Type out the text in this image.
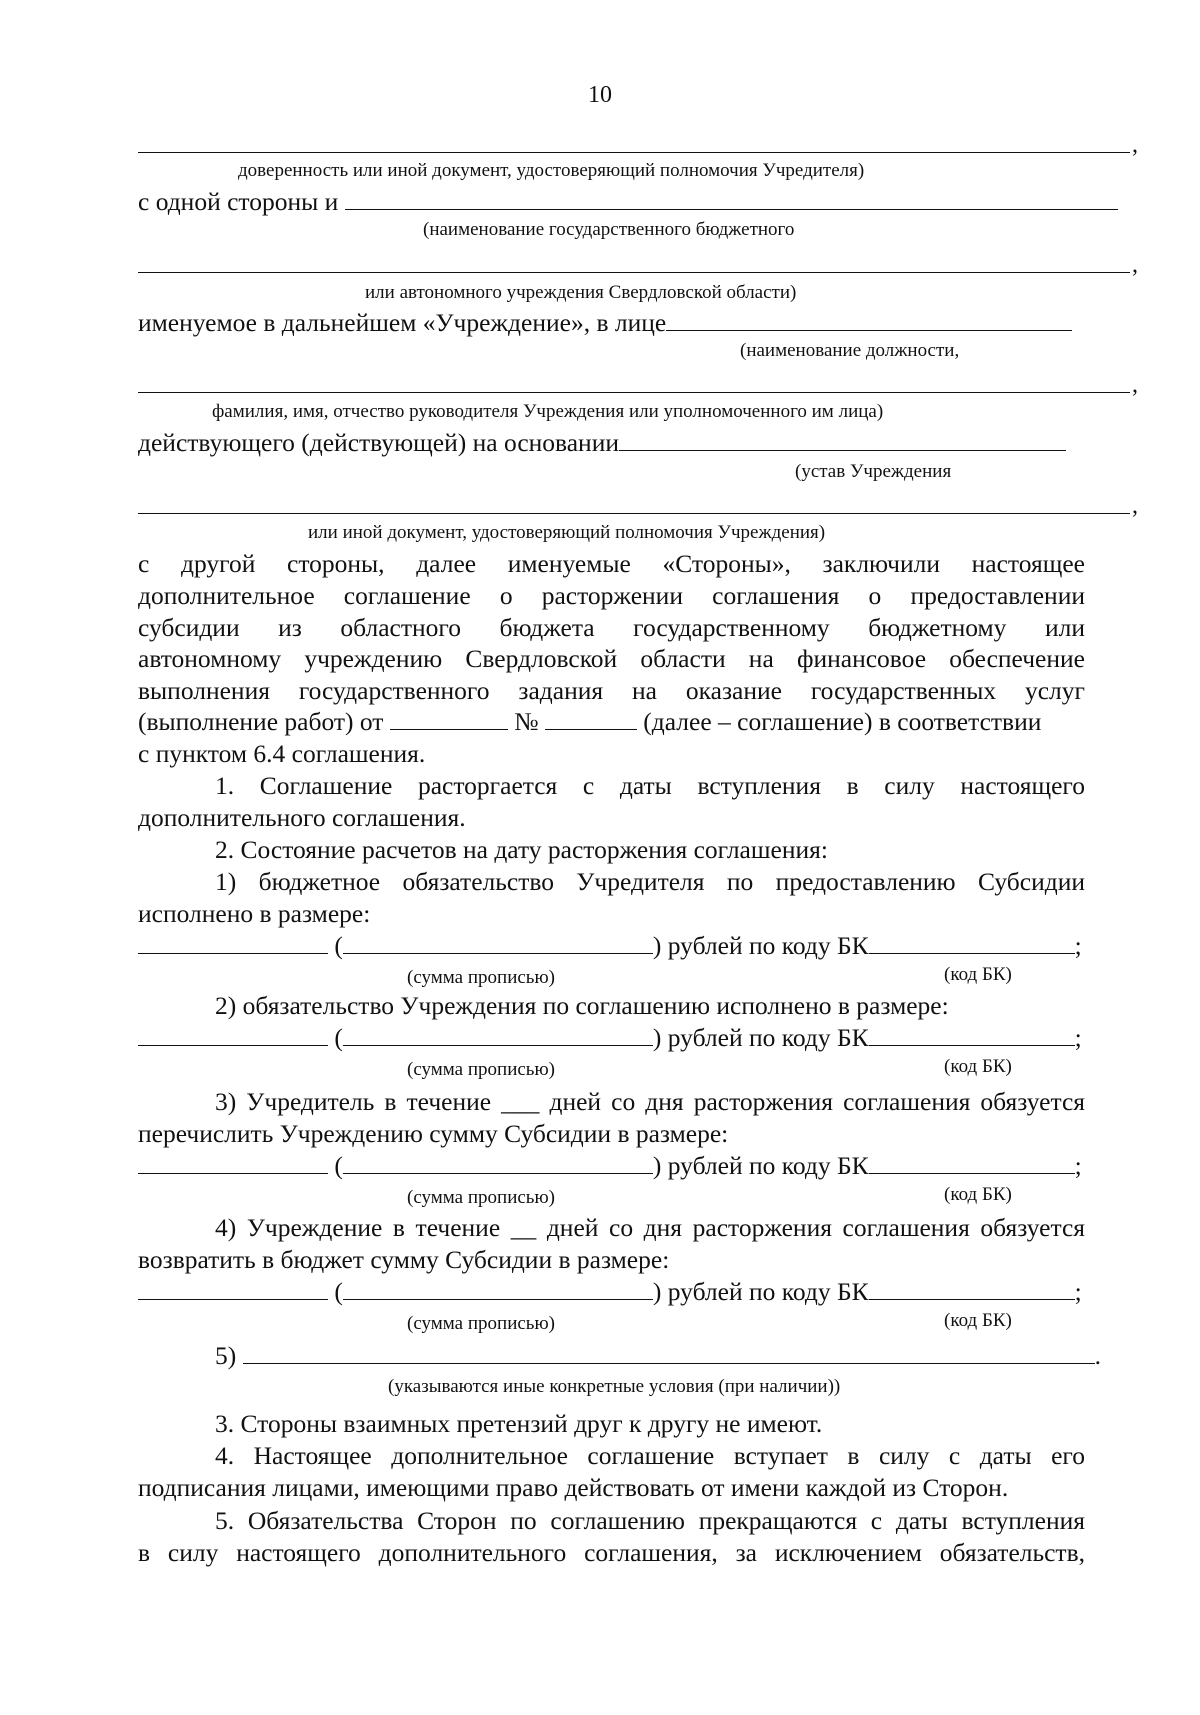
10
,
доверенность или иной документ, удостоверяющий полномочия Учредителя)
с одной стороны и
(наименование государственного бюджетного
,
или автономного учреждения Свердловской области)
именуемое в дальнейшем «Учреждение», в лице
(наименование должности,
,
фамилия, имя, отчество руководителя Учреждения или уполномоченного им лица)
действующего (действующей) на основании
(устав Учреждения
,
или иной документ, удостоверяющий полномочия Учреждения)
с другой стороны, далее именуемые «Стороны», заключили настоящее
дополнительное соглашение о расторжении соглашения о предоставлении
субсидии из областного бюджета государственному бюджетному или
автономному учреждению Свердловской области на финансовое обеспечение
выполнения государственного задания на оказание государственных услуг
(выполнение работ) от	№	(далее – соглашение) в соответствии
с пунктом 6.4 соглашения.
1. Соглашение расторгается с даты вступления в силу настоящего
дополнительного соглашения.
2. Состояние расчетов на дату расторжения соглашения:
1) бюджетное обязательство Учредителя по предоставлению Субсидии
исполнено в размере:
(	) рублей по коду БК	;
(сумма прописью)	(код БК)
2) обязательство Учреждения по соглашению исполнено в размере:
(	) рублей по коду БК	;
(сумма прописью)	(код БК)
3) Учредитель в течение ___ дней со дня расторжения соглашения обязуется
перечислить Учреждению сумму Субсидии в размере:
(	) рублей по коду БК	;
(сумма прописью)	(код БК)
4) Учреждение в течение __ дней со дня расторжения соглашения обязуется
возвратить в бюджет сумму Субсидии в размере:
(	) рублей по коду БК	;
(сумма прописью)	(код БК)
5)	.
(указываются иные конкретные условия (при наличии))
3. Стороны взаимных претензий друг к другу не имеют.
4. Настоящее дополнительное соглашение вступает в силу с даты его
подписания лицами, имеющими право действовать от имени каждой из Сторон.
5. Обязательства Сторон по соглашению прекращаются с даты вступления
в силу настоящего дополнительного соглашения, за исключением обязательств,
